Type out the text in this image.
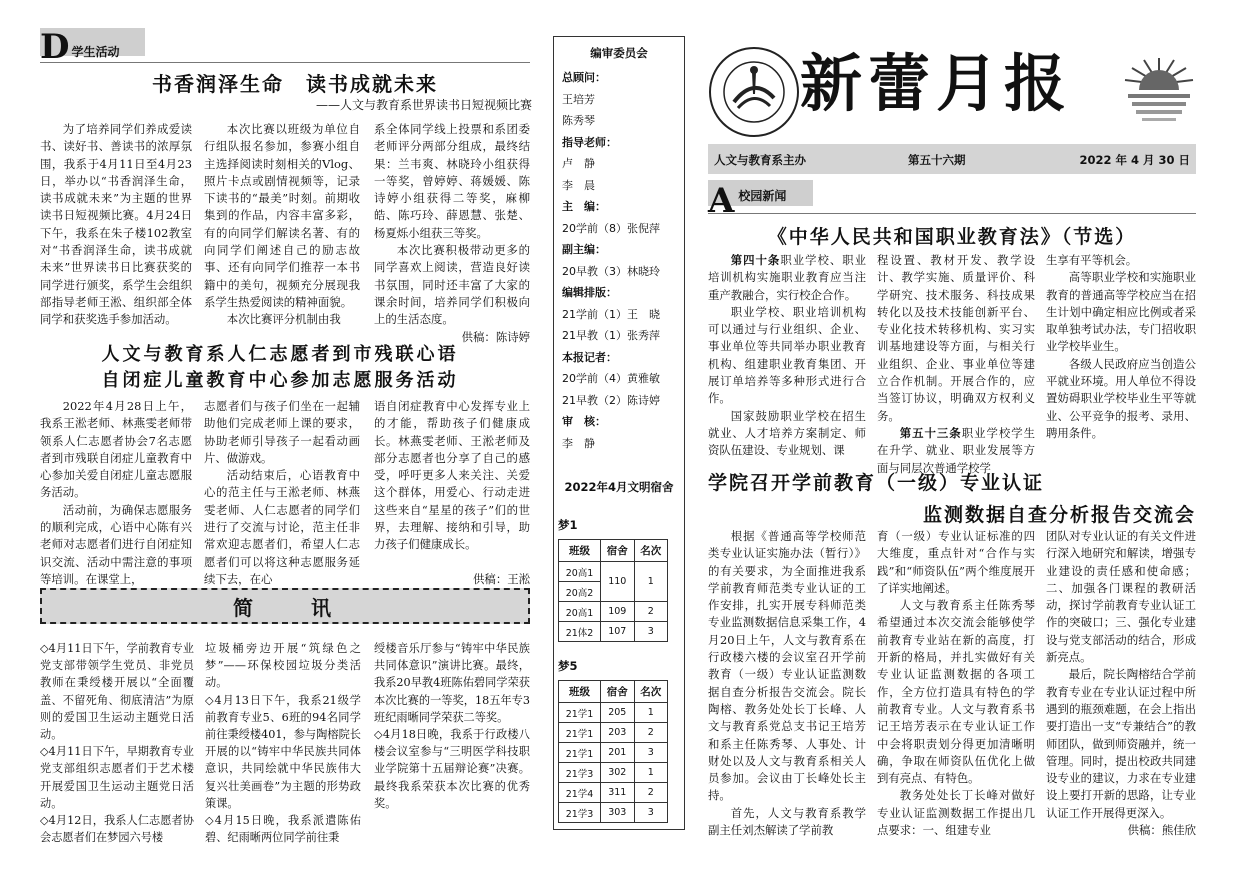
D 学生活动
书香润泽生命　读书成就未来
——人文与教育系世界读书日短视频比赛

为了培养同学们养成爱读书、读好书、善读书的浓厚氛围，我系于4月11日至4月23日，举办以“书香润泽生命，读书成就未来”为主题的世界读书日短视频比赛。4月24日下午，我系在朱子楼102教室对“书香润泽生命，读书成就未来”世界读书日比赛获奖的同学进行颁奖，系学生会组织部指导老师王淞、组织部全体同学和获奖选手参加活动。

本次比赛以班级为单位自行组队报名参加，参赛小组自主选择阅读时刻相关的Vlog、照片卡点或剧情视频等，记录下读书的“最美”时刻。前期收集到的作品，内容丰富多彩，有的向同学们解读名著、有的向同学们阐述自己的励志故事、还有向同学们推荐一本书籍中的美句，视频充分展现我系学生热爱阅读的精神面貌。

本次比赛评分机制由我

系全体同学线上投票和系团委老师评分两部分组成，最终结果：兰韦爽、林晓玲小组获得一等奖，曾婷婷、蒋媛媛、陈诗婷小组获得二等奖，麻柳皓、陈巧玲、薛恩慧、张楚、杨夏烁小组获三等奖。

本次比赛积极带动更多的同学喜欢上阅读，营造良好读书氛围，同时还丰富了大家的课余时间，培养同学们积极向上的生活态度。

供稿：陈诗婷
人文与教育系人仁志愿者到市残联心语
自闭症儿童教育中心参加志愿服务活动

2022年4月28日上午，我系王淞老师、林燕雯老师带领系人仁志愿者协会7名志愿者到市残联自闭症儿童教育中心参加关爱自闭症儿童志愿服务活动。

活动前，为确保志愿服务的顺利完成，心语中心陈有兴老师对志愿者们进行自闭症知识交流、活动中需注意的事项等培训。在课堂上，

志愿者们与孩子们坐在一起辅助他们完成老师上课的要求，协助老师引导孩子一起看动画片、做游戏。

活动结束后，心语教育中心的范主任与王淞老师、林燕雯老师、人仁志愿者的同学们进行了交流与讨论，范主任非常欢迎志愿者们，希望人仁志愿者们可以将这种志愿服务延续下去，在心

语自闭症教育中心发挥专业上的才能，帮助孩子们健康成长。林燕雯老师、王淞老师及部分志愿者也分享了自己的感受，呼吁更多人来关注、关爱这个群体，用爱心、行动走进这些来自“星星的孩子”们的世界，去理解、接纳和引导，助力孩子们健康成长。

供稿：王淞
简　　讯
◇4月11日下午，学前教育专业党支部带领学生党员、非党员教师在秉绶楼开展以“全面覆盖、不留死角、彻底清洁”为原则的爱国卫生运动主题党日活动。
◇4月11日下午，早期教育专业党支部组织志愿者们于艺术楼开展爱国卫生运动主题党日活动。
◇4月12日，我系人仁志愿者协会志愿者们在梦园六号楼
垃圾桶旁边开展“筑绿色之梦”——环保校园垃圾分类活动。
◇4月13日下午，我系21级学前教育专业5、6班的94名同学前往秉绶楼401，参与陶榕院长开展的以“铸牢中华民族共同体意识，共同绘就中华民族伟大复兴壮美画卷”为主题的形势政策课。
◇4月15日晚，我系派遣陈佑碧、纪雨晰两位同学前往秉
绶楼音乐厅参与“铸牢中华民族共同体意识”演讲比赛。最终，我系20早教4班陈佑碧同学荣获本次比赛的一等奖，18五年专3班纪雨晰同学荣获二等奖。
◇4月18日晚，我系于行政楼八楼会议室参与“三明医学科技职业学院第十五届辩论赛”决赛。最终我系荣获本次比赛的优秀奖。
编审委员会
总顾问：
王培芳
陈秀琴
指导老师：
卢　静
李　晨
主　编：
20学前（8）张倪萍
副主编：
20早教（3）林晓玲
编辑排版：
21学前（1）王　晓
21早教（1）张秀萍
本报记者：
20学前（4）黄雅敏
21早教（2）陈诗婷
审　核：
李　静
2022年4月文明宿舍
梦1
班级	宿舍	名次
20高1	110	1
20高2		
20高1	109	2
21体2	107	3
梦5
班级	宿舍	名次
21学1	205	1
21学1	203	2
21学1	201	3
21学3	302	1
21学4	311	2
21学3	303	3
新蕾月报
人文与教育系主办	第五十六期	2022 年 4 月 30 日
A 校园新闻
《中华人民共和国职业教育法》（节选）

第四十条职业学校、职业培训机构实施职业教育应当注重产教融合，实行校企合作。

职业学校、职业培训机构可以通过与行业组织、企业、事业单位等共同举办职业教育机构、组建职业教育集团、开展订单培养等多种形式进行合作。

国家鼓励职业学校在招生就业、人才培养方案制定、师资队伍建设、专业规划、课

程设置、教材开发、教学设计、教学实施、质量评价、科学研究、技术服务、科技成果转化以及技术技能创新平台、专业化技术转移机构、实习实训基地建设等方面，与相关行业组织、企业、事业单位等建立合作机制。开展合作的，应当签订协议，明确双方权利义务。

第五十三条职业学校学生在升学、就业、职业发展等方面与同层次普通学校学

生享有平等机会。

高等职业学校和实施职业教育的普通高等学校应当在招生计划中确定相应比例或者采取单独考试办法，专门招收职业学校毕业生。

各级人民政府应当创造公平就业环境。用人单位不得设置妨碍职业学校毕业生平等就业、公平竞争的报考、录用、聘用条件。

学院召开学前教育（一级）专业认证
监测数据自查分析报告交流会

根据《普通高等学校师范类专业认证实施办法（暂行）》的有关要求，为全面推进我系学前教育师范类专业认证的工作安排，扎实开展专科师范类专业监测数据信息采集工作，4月20日上午，人文与教育系在行政楼六楼的会议室召开学前教育（一级）专业认证监测数据自查分析报告交流会。院长陶榕、教务处处长丁长峰、人文与教育系党总支书记王培芳和系主任陈秀琴、人事处、计财处以及人文与教育系相关人员参加。会议由丁长峰处长主持。

首先，人文与教育系教学副主任刘杰解读了学前教

育（一级）专业认证标准的四大维度，重点针对“合作与实践”和“师资队伍”两个维度展开了详实地阐述。

人文与教育系主任陈秀琴希望通过本次交流会能够使学前教育专业站在新的高度，打开新的格局，并扎实做好有关专业认证监测数据的各项工作，全方位打造具有特色的学前教育专业。人文与教育系书记王培芳表示在专业认证工作中会将职责划分得更加清晰明确，争取在师资队伍优化上做到有亮点、有特色。

教务处处长丁长峰对做好专业认证监测数据工作提出几点要求：一、组建专业

团队对专业认证的有关文件进行深入地研究和解读，增强专业建设的责任感和使命感；二、加强各门课程的教研活动，探讨学前教育专业认证工作的突破口；三、强化专业建设与党支部活动的结合，形成新亮点。

最后，院长陶榕结合学前教育专业在专业认证过程中所遇到的瓶颈难题，在会上指出要打造出一支“专兼结合”的教师团队，做到师资融并，统一管理。同时，提出校政共同建设专业的建议，力求在专业建设上要打开新的思路，让专业认证工作开展得更深入。

供稿：熊佳欣
